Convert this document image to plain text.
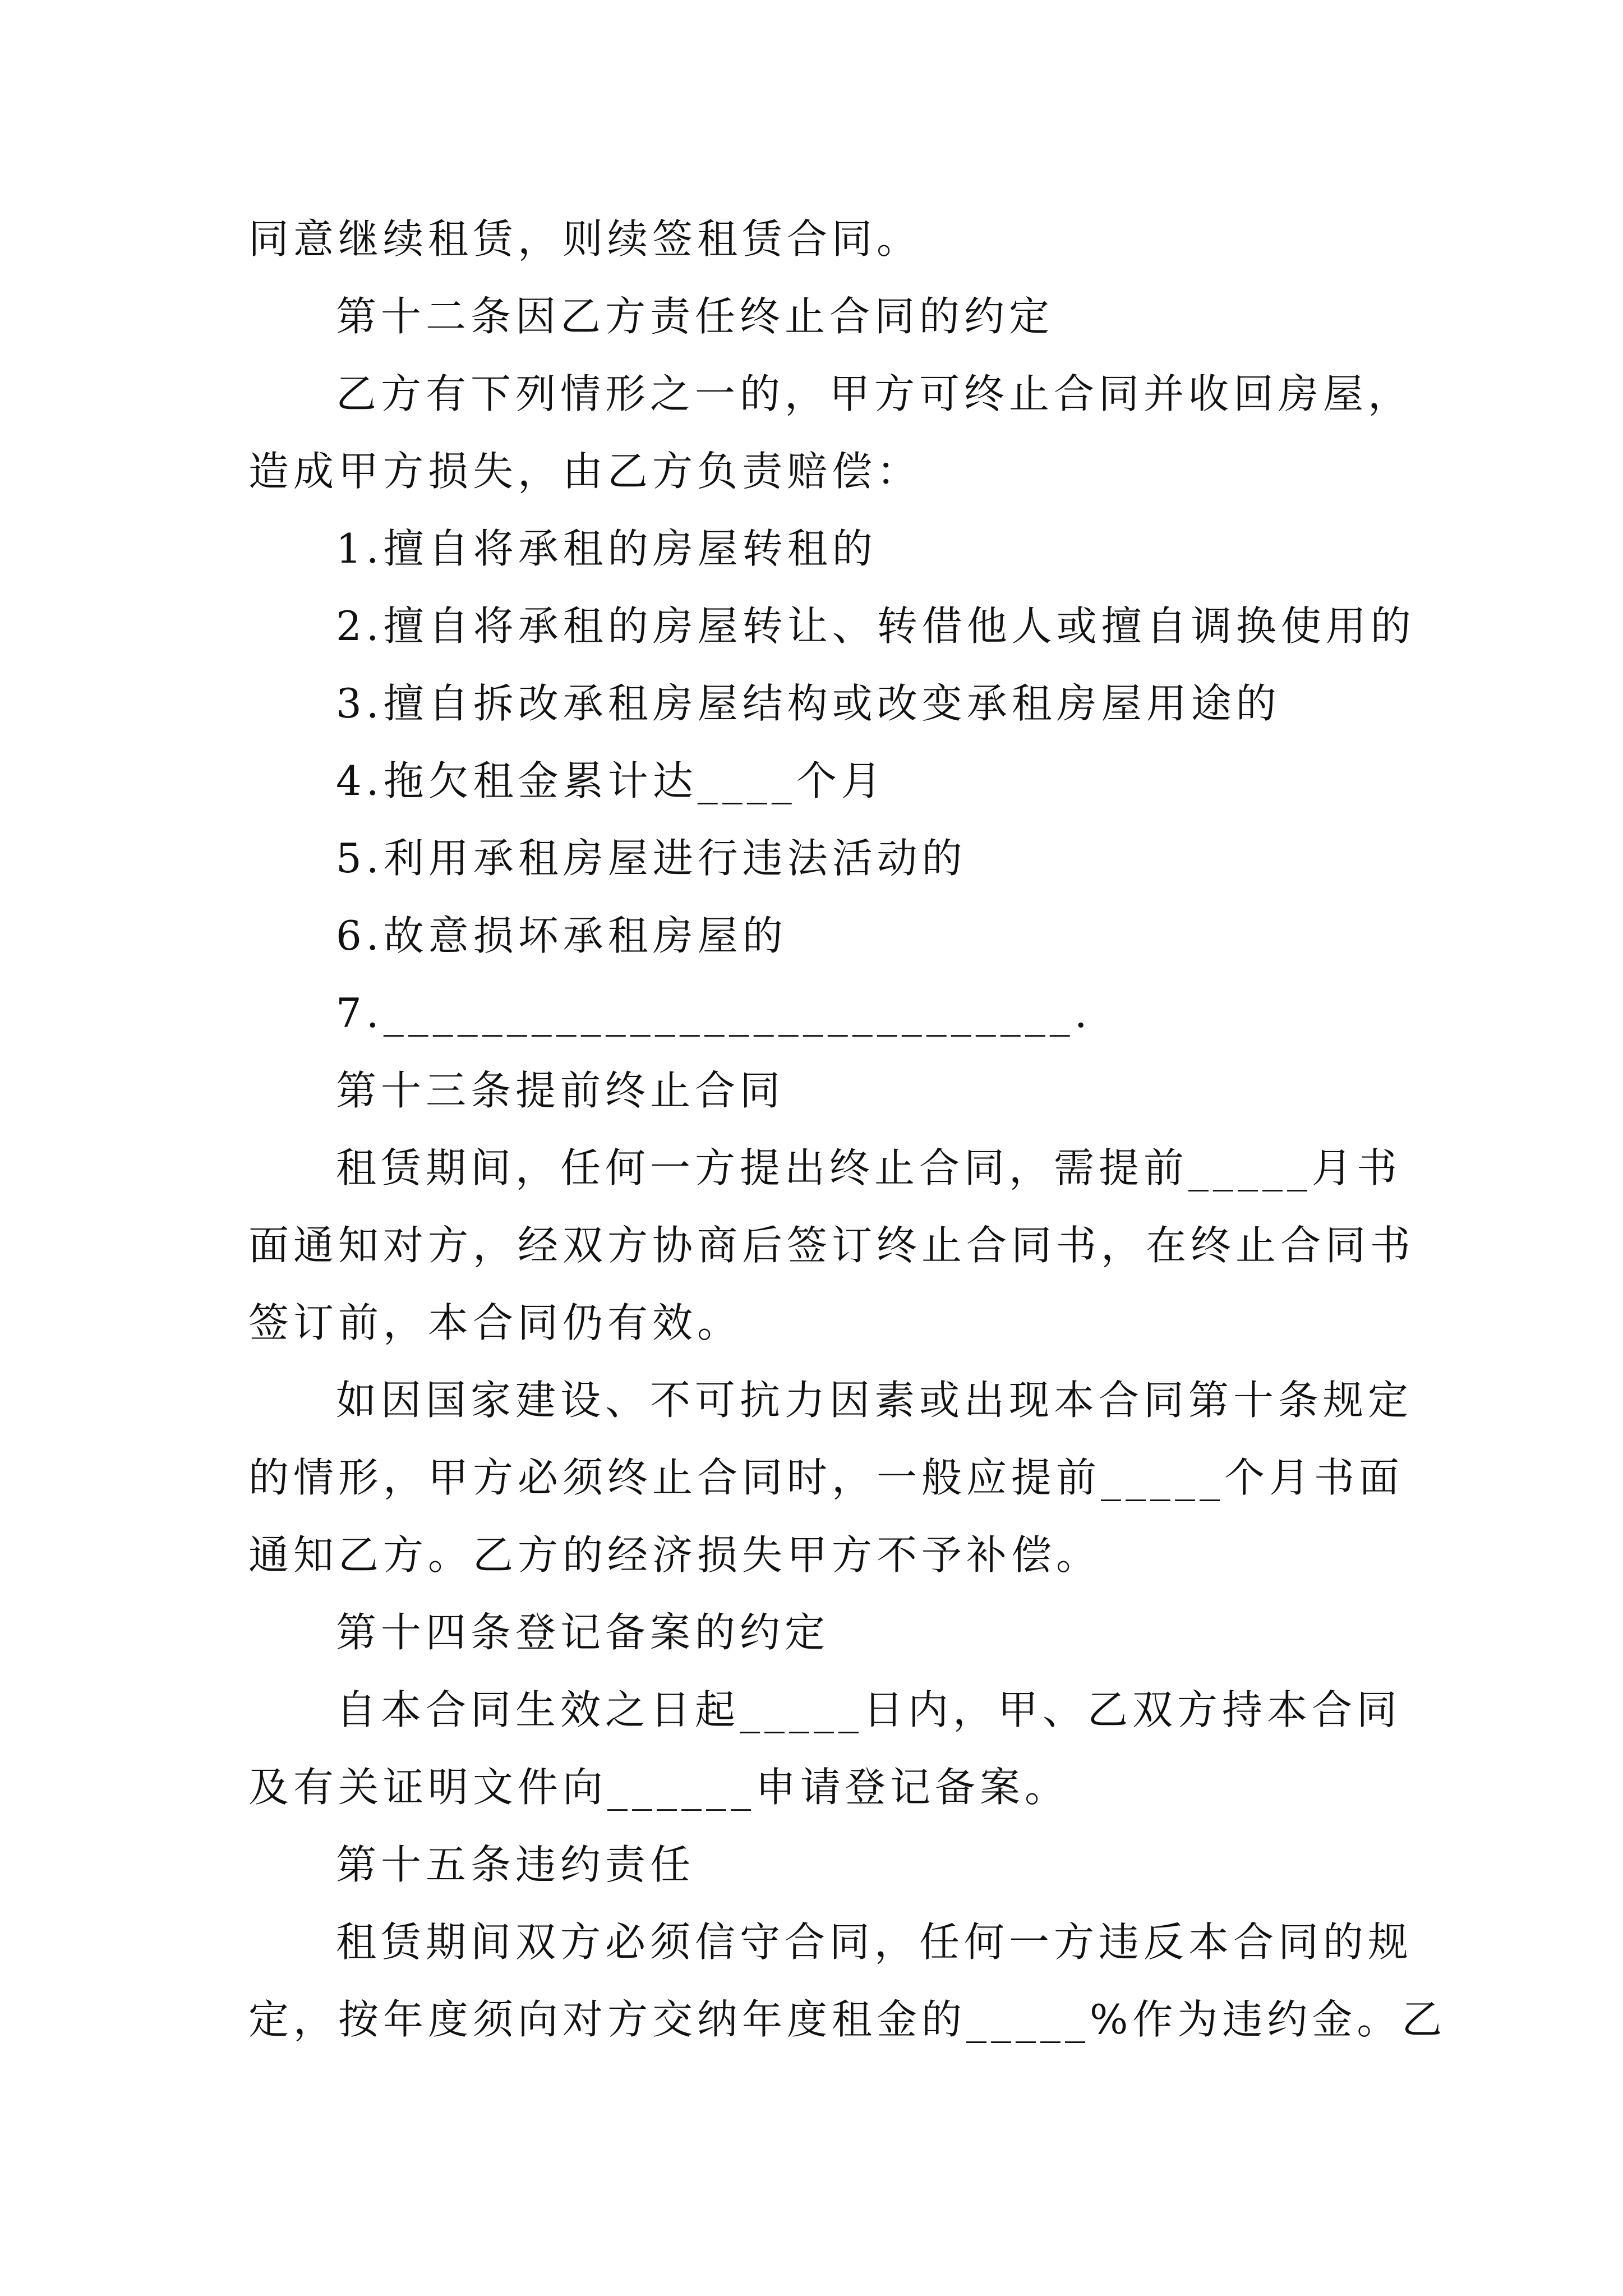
同意继续租赁，则续签租赁合同。
第十二条因乙方责任终止合同的约定
乙方有下列情形之一的，甲方可终止合同并收回房屋，
造成甲方损失，由乙方负责赔偿：
1.擅自将承租的房屋转租的
2.擅自将承租的房屋转让、转借他人或擅自调换使用的
3.擅自拆改承租房屋结构或改变承租房屋用途的
4.拖欠租金累计达____个月
5.利用承租房屋进行违法活动的
6.故意损坏承租房屋的
7.____________________________.
第十三条提前终止合同
租赁期间，任何一方提出终止合同，需提前_____月书
面通知对方，经双方协商后签订终止合同书，在终止合同书
签订前，本合同仍有效。
如因国家建设、不可抗力因素或出现本合同第十条规定
的情形，甲方必须终止合同时，一般应提前_____个月书面
通知乙方。乙方的经济损失甲方不予补偿。
第十四条登记备案的约定
自本合同生效之日起_____日内，甲、乙双方持本合同
及有关证明文件向______申请登记备案。
第十五条违约责任
租赁期间双方必须信守合同，任何一方违反本合同的规
定，按年度须向对方交纳年度租金的_____%作为违约金。乙
